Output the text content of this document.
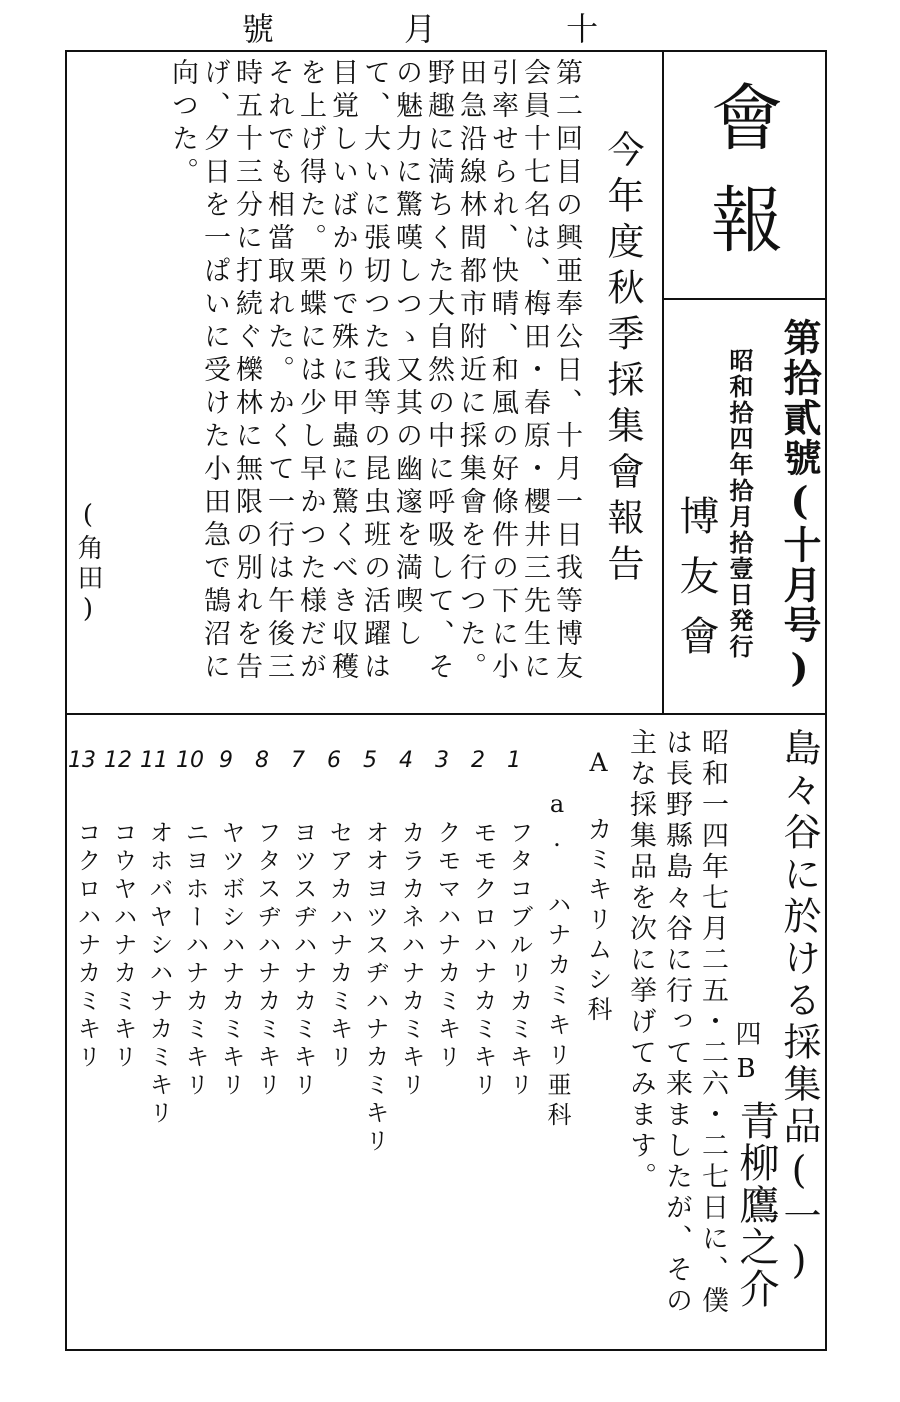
號 月 十
會報
第拾貳號(十月号)
昭和拾四年拾月拾壹日発行
博友會
今年度秋季採集會報告
第二回目の興亜奉公日、十月一日我等博友会員十七名は、梅田・春原・櫻井三先生に引率せられ、快晴、和風の好條件の下に小田急沿線林間都市附近に採集會を行つた。野趣に満ちくた大自然の中に呼吸して、その魅力に驚嘆しつゝ又其の幽邃を満喫して、大いに張切つた我等の昆虫班の活躍は目覚しいばかりで殊に甲蟲に驚くべき収穫を上げ得た。栗蝶には少し早かつた様だがそれでも相當取れた。かくて一行は午後三時五十三分に打続ぐ櫟林に無限の別れを告げ、夕日を一ぱいに受けた小田急で鵠沼に向つた。
(角田)
島々谷に於ける採集品(一)
四B
青柳鷹之介
昭和一四年七月二五・二六・二七日に、僕は長野縣島々谷に行って来ましたが、その主な採集品を次に挙げてみます。
A カミキリムシ科
a. ハナカミキリ亜科
1
フタコブルリカミキリ
2
モモクロハナカミキリ
3
クモマハナカミキリ
4
カラカネハナカミキリ
5
オオヨツスヂハナカミキリ
6
セアカハナカミキリ
7
ヨツスヂハナカミキリ
8
フタスヂハナカミキリ
9
ヤツボシハナカミキリ
10
ニヨホーハナカミキリ
11
オホバヤシハナカミキリ
12
コウヤハナカミキリ
13
コクロハナカミキリ
